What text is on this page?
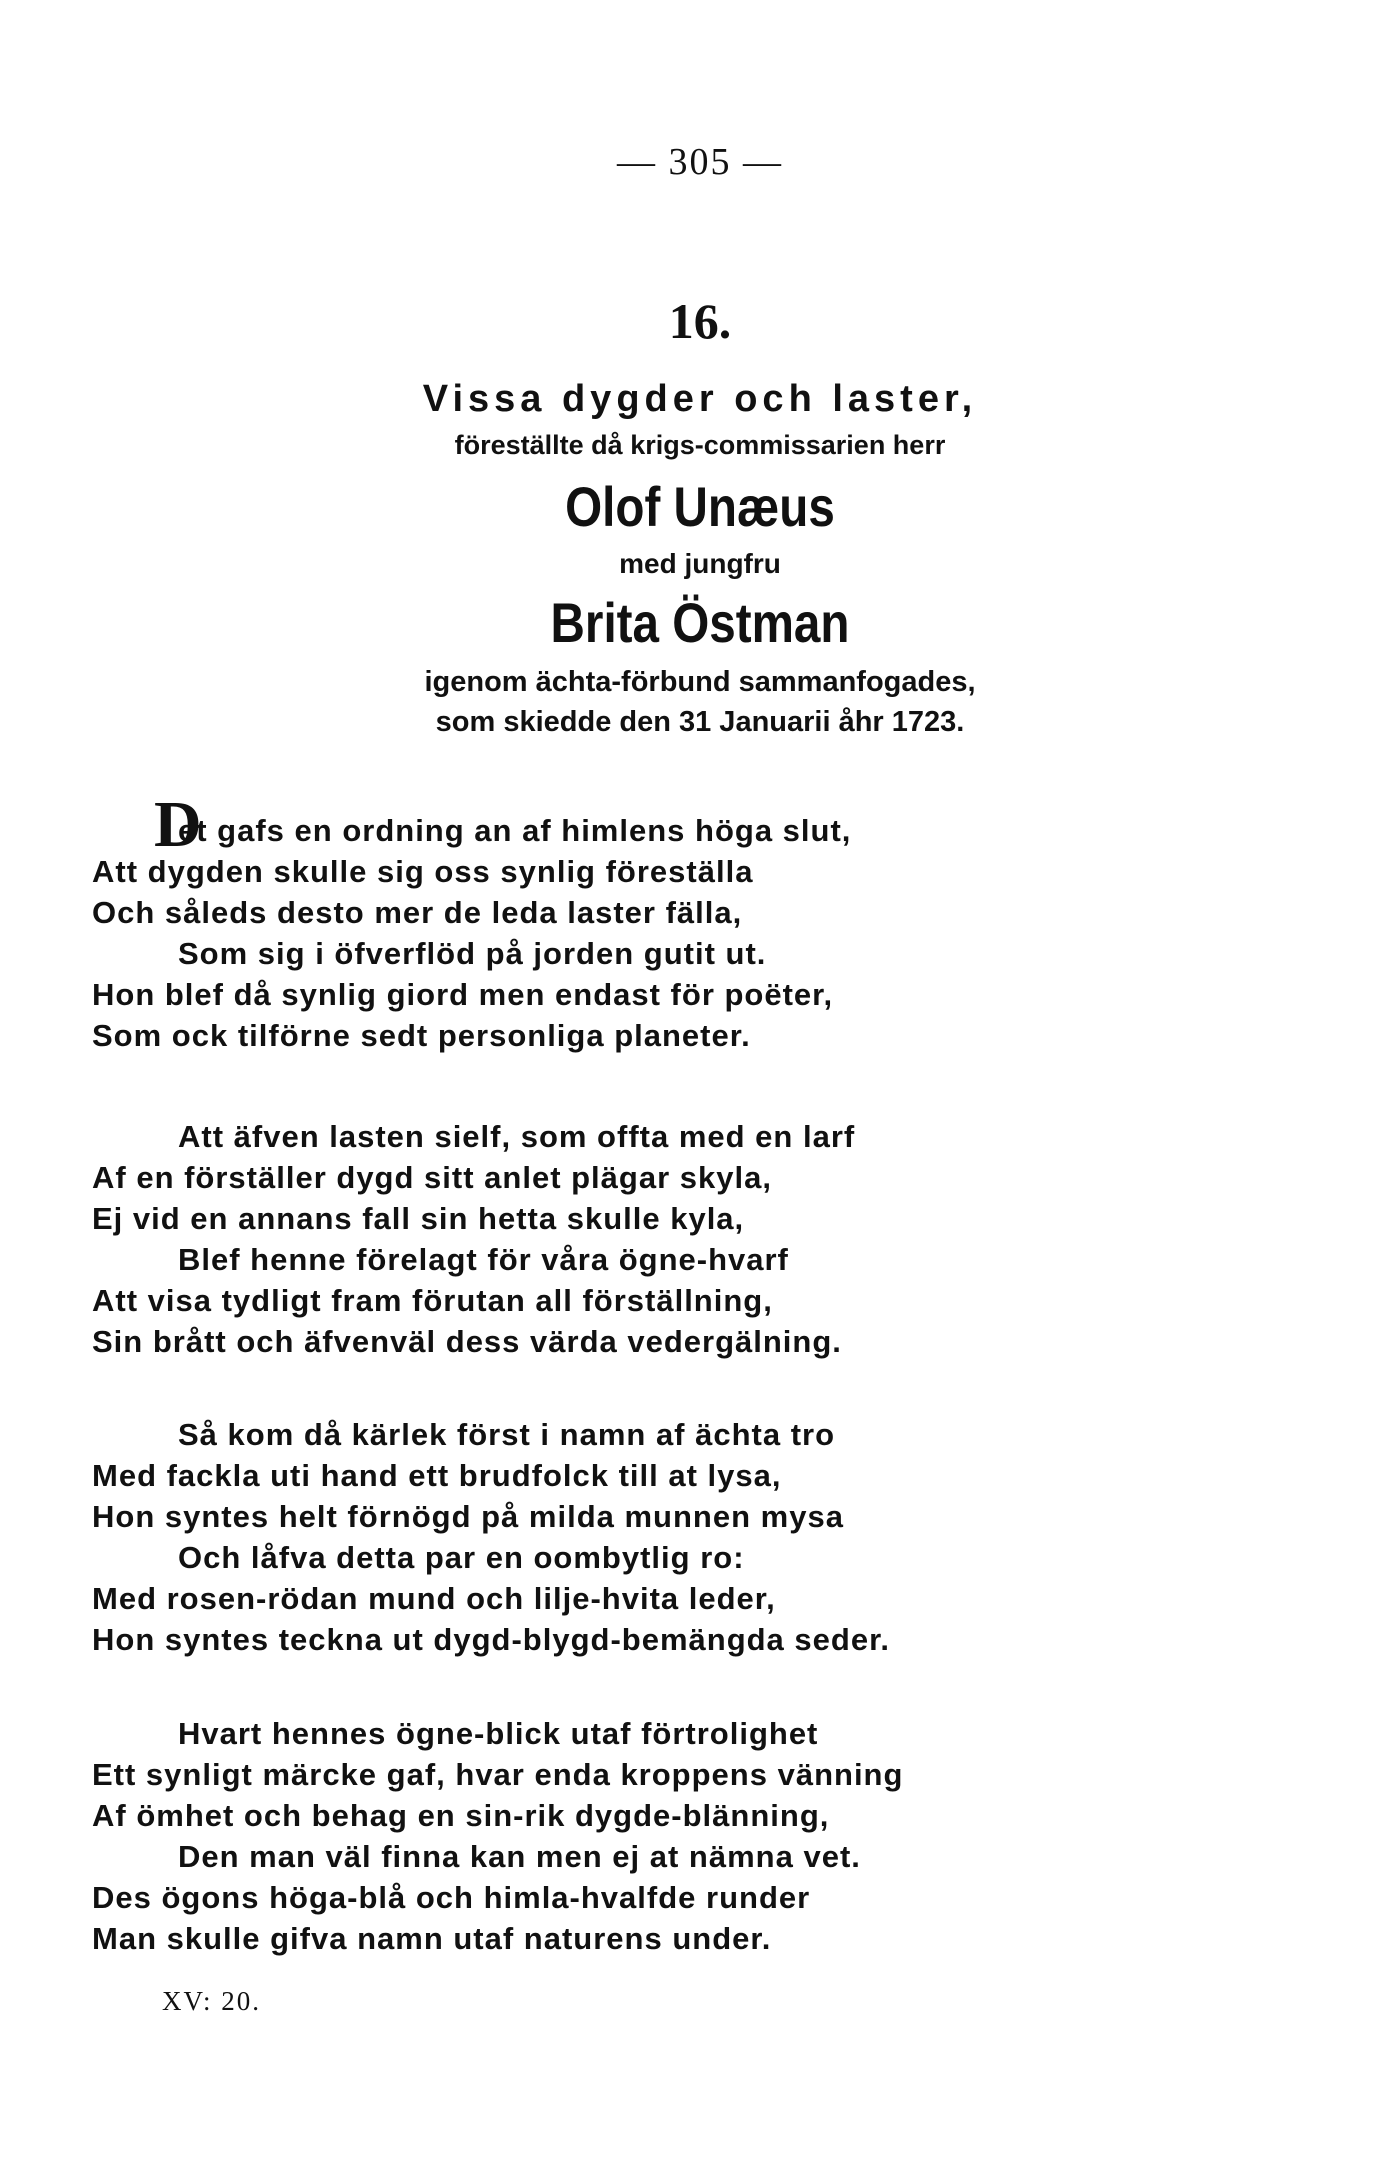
— 305 —
16.
Vissa dygder och laster,
föreställte då krigs-commissarien herr
Olof Unæus
med jungfru
Brita Östman
igenom ächta-förbund sammanfogades,
som skiedde den 31 Januarii åhr 1723.
D
et gafs en ordning an af himlens höga slut,
Att dygden skulle sig oss synlig föreställa
Och såleds desto mer de leda laster fälla,
Som sig i öfverflöd på jorden gutit ut.
Hon blef då synlig giord men endast för poëter,
Som ock tilförne sedt personliga planeter.
Att äfven lasten sielf, som offta med en larf
Af en förställer dygd sitt anlet plägar skyla,
Ej vid en annans fall sin hetta skulle kyla,
Blef henne förelagt för våra ögne-hvarf
Att visa tydligt fram förutan all förställning,
Sin brått och äfvenväl dess värda vedergälning.
Så kom då kärlek först i namn af ächta tro
Med fackla uti hand ett brudfolck till at lysa,
Hon syntes helt förnögd på milda munnen mysa
Och låfva detta par en oombytlig ro:
Med rosen-rödan mund och lilje-hvita leder,
Hon syntes teckna ut dygd-blygd-bemängda seder.
Hvart hennes ögne-blick utaf förtrolighet
Ett synligt märcke gaf, hvar enda kroppens vänning
Af ömhet och behag en sin-rik dygde-blänning,
Den man väl finna kan men ej at nämna vet.
Des ögons höga-blå och himla-hvalfde runder
Man skulle gifva namn utaf naturens under.
XV: 20.
